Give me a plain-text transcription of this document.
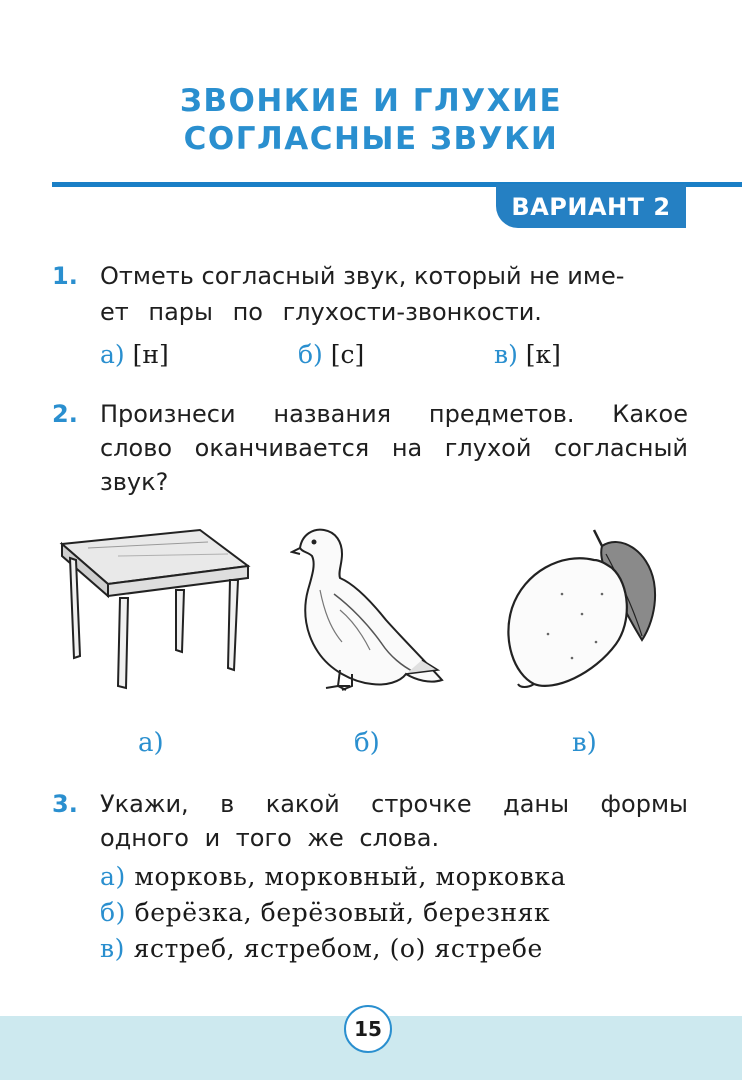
ЗВОНКИЕ И ГЛУХИЕ
СОГЛАСНЫЕ ЗВУКИ
ВАРИАНТ 2
1. Отметь согласный звук, который не име-
ет пары по глухости-звонкости.
а) [н]	б) [с]	в) [к]
2. Произнеси названия предметов. Какое
слово оканчивается на глухой согласный
звук?
а)	б)	в)
3. Укажи, в какой строчке даны формы
одного и того же слова.
а) морковь, морковный, морковка
б) берёзка, берёзовый, березняк
в) ястреб, ястребом, (о) ястребе
15
